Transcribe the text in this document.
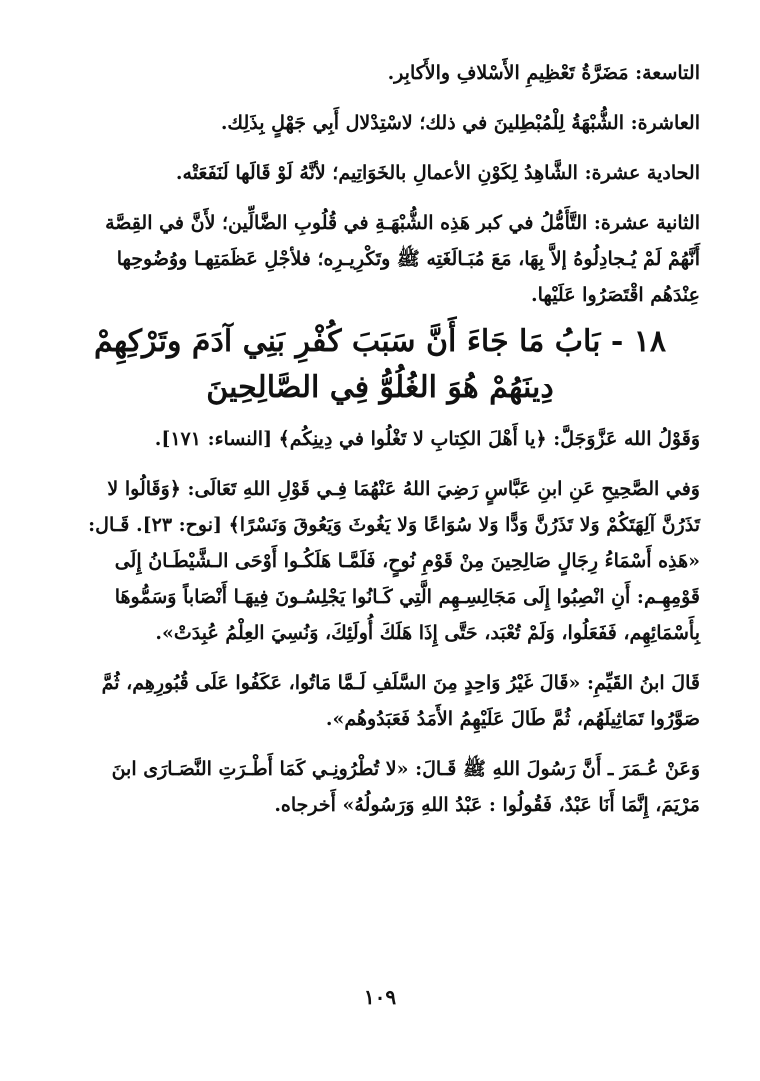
التاسعة: مَضَرَّةُ تَعْظِيمِ الأَسْلافِ والأَكابِر.

العاشرة: الشُّبْهَةُ لِلْمُبْطِلينَ في ذلك؛ لاسْتِدْلال أَبِي جَهْلٍ بِذَلِك.

الحادية عشرة: الشَّاهِدُ لِكَوْنِ الأعمالِ بالخَوَاتِيم؛ لأنَّهُ لَوْ قَالَها لَنَفَعَتْه.

الثانية عشرة: التَّأَمُّلُ في كبر هَذِه الشُّبْهَـةِ في قُلُوبِ الضَّالِّين؛ لأَنَّ في القِصَّة

أَنَّهُمْ لَمْ يُـجادِلُوهُ إلاَّ بِهَا، مَعَ مُبَـالَغَتِه ﷺ وتَكْرِيـرِه؛ فلأجْلِ عَظَمَتِهـا ووُضُوحِها

عِنْدَهُم اقْتَصَرُوا عَلَيْها.

١٨ - بَابُ مَا جَاءَ أَنَّ سَبَبَ كُفْرِ بَنِي آدَمَ وتَرْكِهِمْ
دِينَهُمْ هُوَ الغُلُوُّ فِي الصَّالِحِينَ

وَقَوْلُ الله عَزَّوَجَلَّ: ﴿يا أَهْلَ الكِتابِ لا تَغْلُوا في دِينِكُم﴾ [النساء: ١٧١].

وَفي الصَّحِيحِ عَنِ ابنِ عَبَّاسٍ رَضِيَ اللهُ عَنْهُمَا فِـي قَوْلِ اللهِ تَعَالَى: ﴿وَقَالُوا لا

تَذَرُنَّ آلِهَتَكُمْ وَلا تَذَرُنَّ وَدًّا وَلا سُوَاعًا وَلا يَغُوثَ وَيَعُوقَ وَنَسْرًا﴾ [نوح: ٢٣]. قَـال:

«هَذِه أَسْمَاءُ رِجَالٍ صَالِحِينَ مِنْ قَوْمِ نُوحٍ، فَلَمَّـا هَلَكُـوا أَوْحَى الـشَّيْطَـانُ إِلَى

قَوْمِهِـم: أَنِ انْصِبُوا إِلَى مَجَالِسِـهِم الَّتِي كَـانُوا يَجْلِسُـونَ فِيهَـا أَنْصَاباً وَسَمُّوهَا

بِأَسْمَائِهِم، فَفَعَلُوا، وَلَمْ تُعْبَد، حَتَّى إِذَا هَلَكَ أُولَئِكَ، وَنُسِيَ العِلْمُ عُبِدَتْ».

قَالَ ابنُ القَيِّمِ: «قَالَ غَيْرُ وَاحِدٍ مِنَ السَّلَفِ لَـمَّا مَاتُوا، عَكَفُوا عَلَى قُبُورِهِم، ثُمَّ

صَوَّرُوا تَمَاثِيلَهُم، ثُمَّ طَالَ عَلَيْهِمُ الأَمَدُ فَعَبَدُوهُم».

وَعَنْ عُـمَرَ ـ أَنَّ رَسُولَ اللهِ ﷺ قَـالَ: «لا تُطْرُونِـي كَمَا أَطْـرَتِ النَّصَـارَى ابنَ

مَرْيَمَ، إِنَّمَا أَنَا عَبْدٌ، فَقُولُوا : عَبْدُ اللهِ وَرَسُولُهُ» أَخرجاه.

١٠٩
